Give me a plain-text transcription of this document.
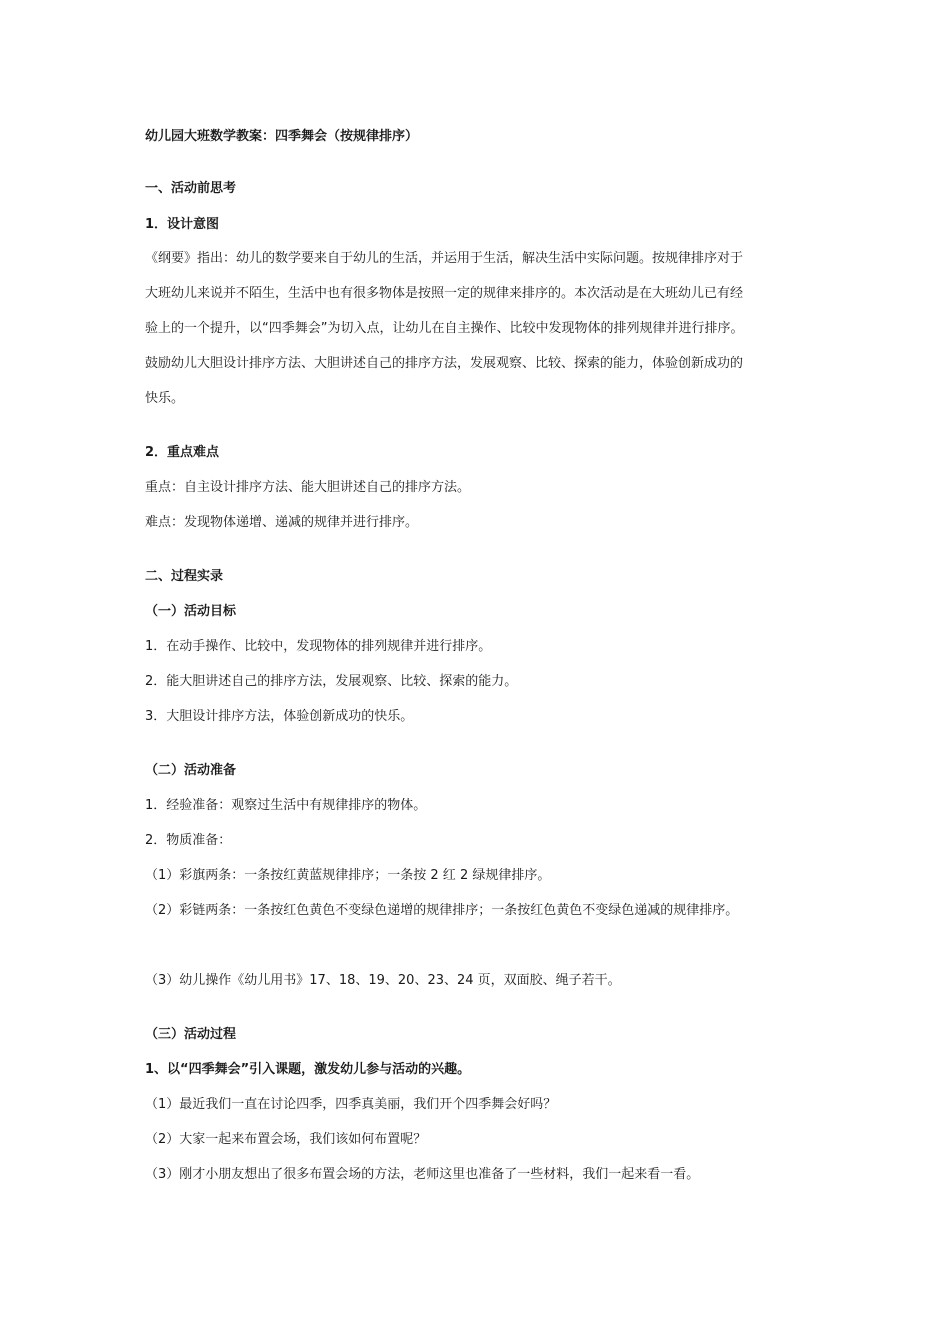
幼儿园大班数学教案：四季舞会（按规律排序）
一、活动前思考
1．设计意图
《纲要》指出：幼儿的数学要来自于幼儿的生活，并运用于生活，解决生活中实际问题。按规律排序对于
大班幼儿来说并不陌生，生活中也有很多物体是按照一定的规律来排序的。本次活动是在大班幼儿已有经
验上的一个提升，以“四季舞会”为切入点，让幼儿在自主操作、比较中发现物体的排列规律并进行排序。
鼓励幼儿大胆设计排序方法、大胆讲述自己的排序方法，发展观察、比较、探索的能力，体验创新成功的
快乐。
2．重点难点
重点：自主设计排序方法、能大胆讲述自己的排序方法。
难点：发现物体递增、递减的规律并进行排序。
二、过程实录
（一）活动目标
1．在动手操作、比较中，发现物体的排列规律并进行排序。
2．能大胆讲述自己的排序方法，发展观察、比较、探索的能力。
3．大胆设计排序方法，体验创新成功的快乐。
（二）活动准备
1．经验准备：观察过生活中有规律排序的物体。
2．物质准备：
（1）彩旗两条：一条按红黄蓝规律排序；一条按 2 红 2 绿规律排序。
（2）彩链两条：一条按红色黄色不变绿色递增的规律排序；一条按红色黄色不变绿色递减的规律排序。
（3）幼儿操作《幼儿用书》17、18、19、20、23、24 页，双面胶、绳子若干。
（三）活动过程
1、以“四季舞会”引入课题，激发幼儿参与活动的兴趣。
（1）最近我们一直在讨论四季，四季真美丽，我们开个四季舞会好吗？
（2）大家一起来布置会场，我们该如何布置呢？
（3）刚才小朋友想出了很多布置会场的方法，老师这里也准备了一些材料，我们一起来看一看。
